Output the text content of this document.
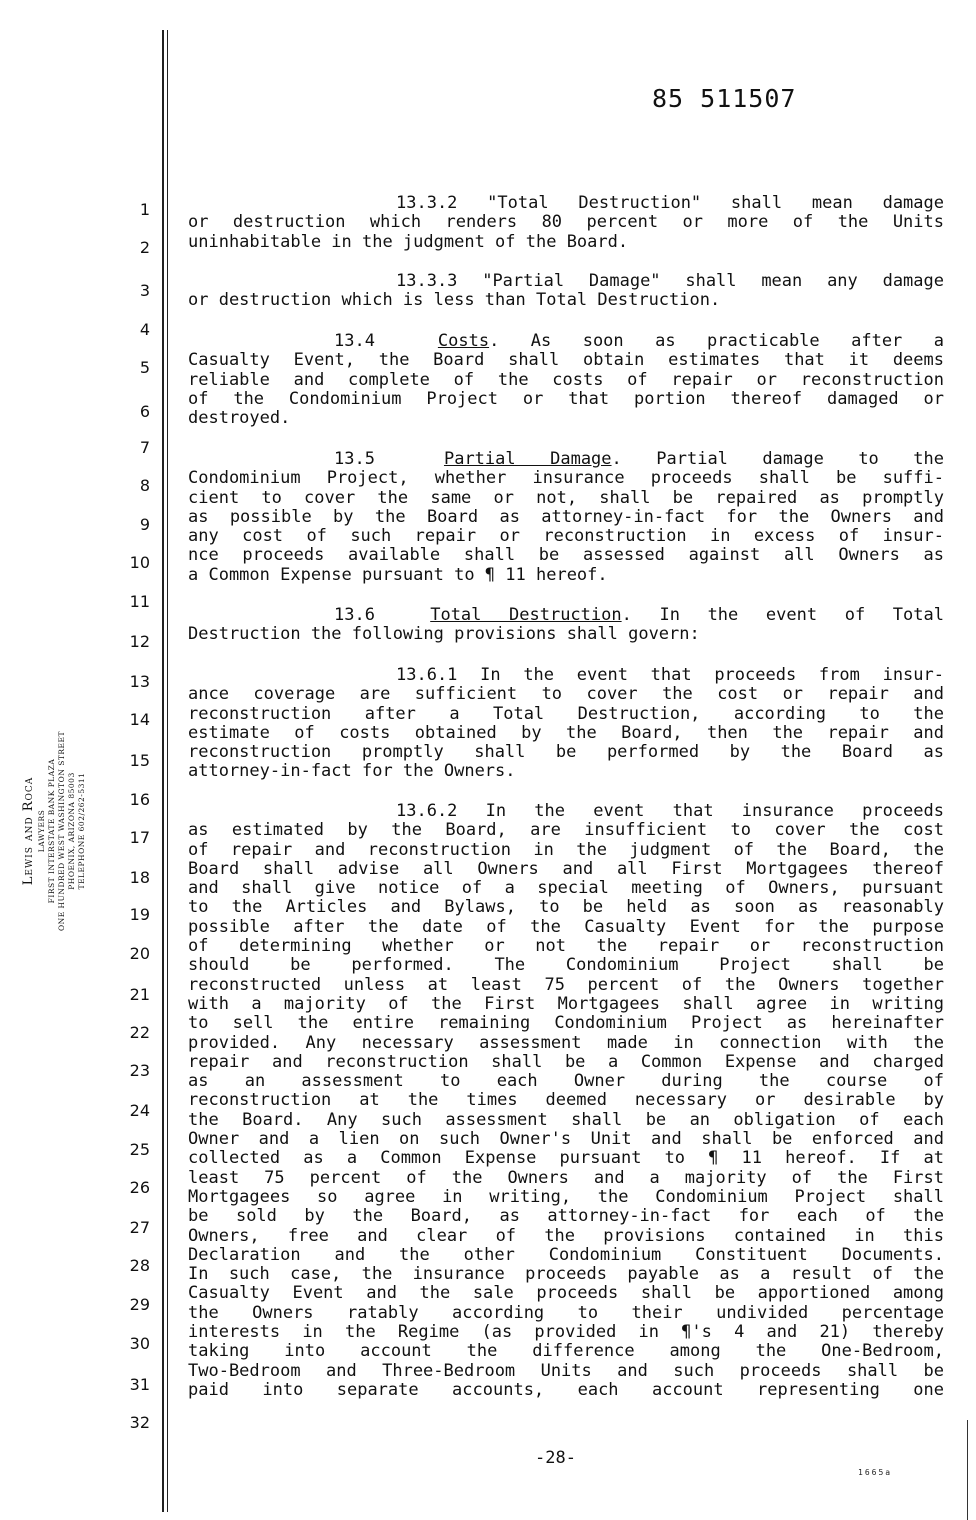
85 511507
1
2
3
4
5
6
7
8
9
10
11
12
13
14
15
16
17
18
19
20
21
22
23
24
25
26
27
28
29
30
31
32
Lewis and Roca LAWYERS FIRST INTERSTATE BANK PLAZA ONE HUNDRED WEST WASHINGTON STREET PHOENIX, ARIZONA 85003 TELEPHONE 602/262-5311
13.3.2 "Total Destruction" shall mean damage
or destruction which renders 80 percent or more of the Units
uninhabitable in the judgment of the Board.
13.3.3 "Partial Damage" shall mean any damage
or destruction which is less than Total Destruction.
13.4	Costs. As soon as practicable after a
Casualty Event, the Board shall obtain estimates that it deems
reliable and complete of the costs of repair or reconstruction
of the Condominium Project or that portion thereof damaged or
destroyed.
13.5	Partial Damage. Partial damage to the
Condominium Project, whether insurance proceeds shall be suffi-
cient to cover the same or not, shall be repaired as promptly
as possible by the Board as attorney-in-fact for the Owners and
any cost of such repair or reconstruction in excess of insur-
nce proceeds available shall be assessed against all Owners as
a Common Expense pursuant to ¶ 11 hereof.
13.6	Total Destruction. In the event of Total
Destruction the following provisions shall govern:
13.6.1 In the event that proceeds from insur-
ance coverage are sufficient to cover the cost or repair and
reconstruction after a Total Destruction, according to the
estimate of costs obtained by the Board, then the repair and
reconstruction promptly shall be performed by the Board as
attorney-in-fact for the Owners.
13.6.2 In the event that insurance proceeds
as estimated by the Board, are insufficient to cover the cost
of repair and reconstruction in the judgment of the Board, the
Board shall advise all Owners and all First Mortgagees thereof
and shall give notice of a special meeting of Owners, pursuant
to the Articles and Bylaws, to be held as soon as reasonably
possible after the date of the Casualty Event for the purpose
of determining whether or not the repair or reconstruction
should be performed. The Condominium Project shall be
reconstructed unless at least 75 percent of the Owners together
with a majority of the First Mortgagees shall agree in writing
to sell the entire remaining Condominium Project as hereinafter
provided. Any necessary assessment made in connection with the
repair and reconstruction shall be a Common Expense and charged
as an assessment to each Owner during the course of
reconstruction at the times deemed necessary or desirable by
the Board. Any such assessment shall be an obligation of each
Owner and a lien on such Owner's Unit and shall be enforced and
collected as a Common Expense pursuant to ¶ 11 hereof. If at
least 75 percent of the Owners and a majority of the First
Mortgagees so agree in writing, the Condominium Project shall
be sold by the Board, as attorney-in-fact for each of the
Owners, free and clear of the provisions contained in this
Declaration and the other Condominium Constituent Documents.
In such case, the insurance proceeds payable as a result of the
Casualty Event and the sale proceeds shall be apportioned among
the Owners ratably according to their undivided percentage
interests in the Regime (as provided in ¶'s 4 and 21) thereby
taking into account the difference among the One-Bedroom,
Two-Bedroom and Three-Bedroom Units and such proceeds shall be
paid into separate accounts, each account representing one
-28-
1665a
